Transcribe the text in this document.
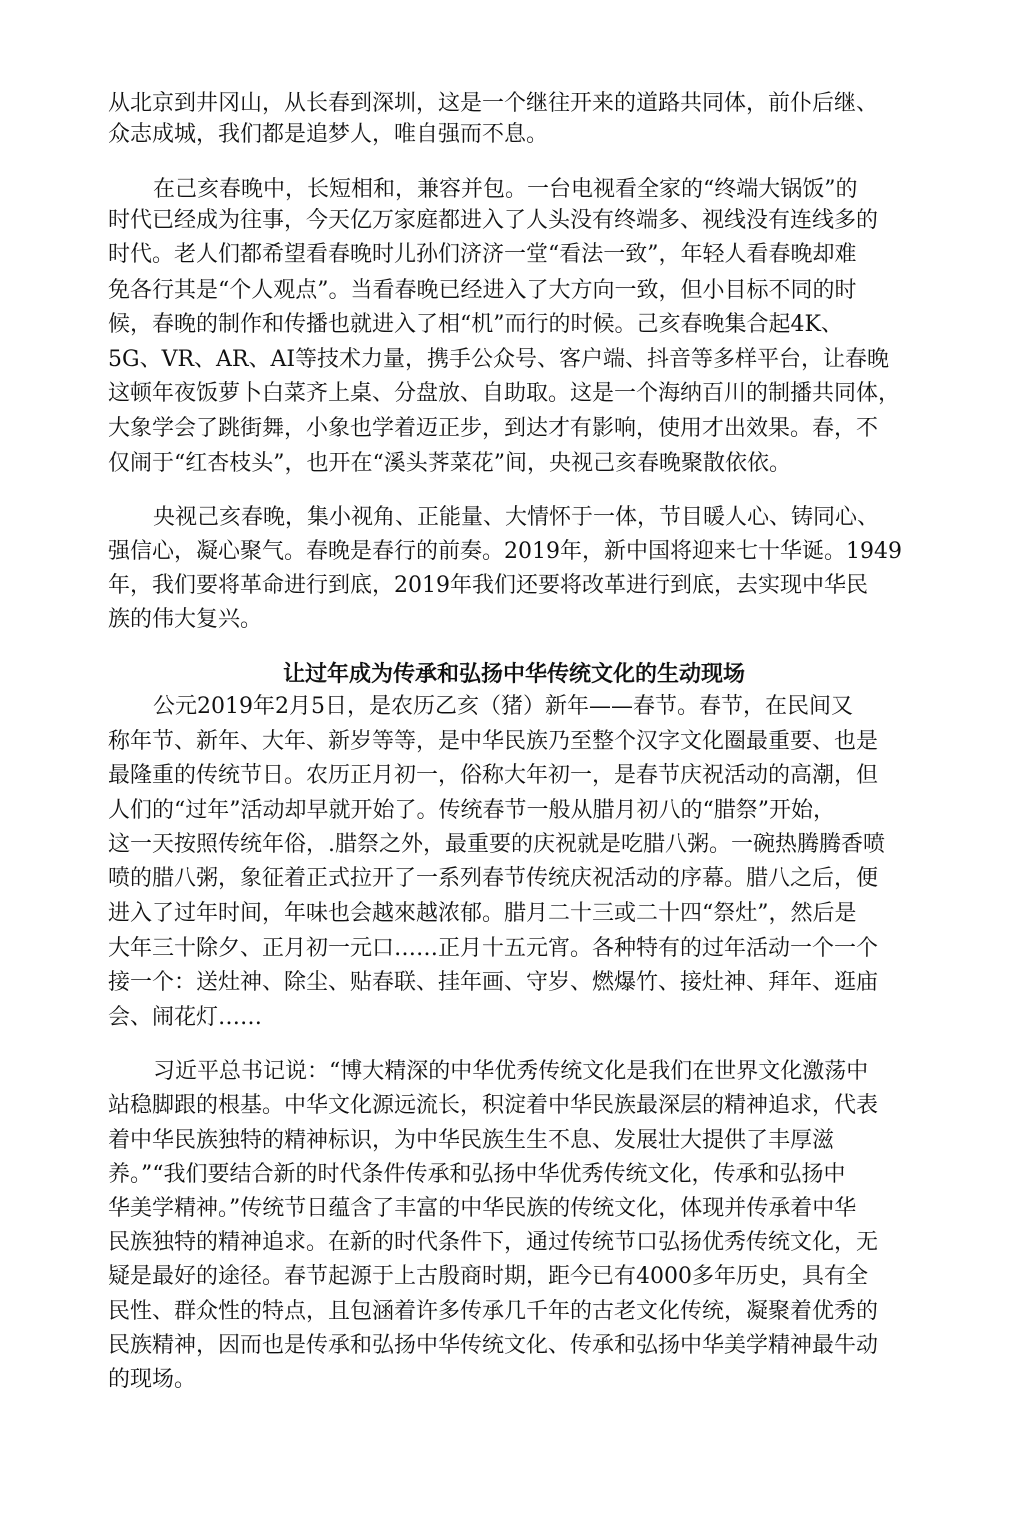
从北京到井冈山，从长春到深圳，这是一个继往开来的道路共同体，前仆后继、
众志成城，我们都是追梦人，唯自强而不息。
在己亥春晚中，长短相和，兼容并包。一台电视看全家的“终端大锅饭”的
时代已经成为往事，今天亿万家庭都进入了人头没有终端多、视线没有连线多的
时代。老人们都希望看春晚时儿孙们济济一堂“看法一致”，年轻人看春晚却难
免各行其是“个人观点”。当看春晚已经进入了大方向一致，但小目标不同的时
候，春晚的制作和传播也就进入了相“机”而行的时候。己亥春晚集合起4K、
5G、VR、AR、AI等技术力量，携手公众号、客户端、抖音等多样平台，让春晚
这顿年夜饭萝卜白菜齐上桌、分盘放、自助取。这是一个海纳百川的制播共同体，
大象学会了跳街舞，小象也学着迈正步，到达才有影响，使用才出效果。春，不
仅闹于“红杏枝头”，也开在“溪头荠菜花”间，央视己亥春晚聚散依依。
央视己亥春晚，集小视角、正能量、大情怀于一体，节目暖人心、铸同心、
强信心，凝心聚气。春晚是春行的前奏。2019年，新中国将迎来七十华诞。1949
年，我们要将革命进行到底，2019年我们还要将改革进行到底，去实现中华民
族的伟大复兴。
让过年成为传承和弘扬中华传统文化的生动现场
公元2019年2月5日，是农历乙亥（猪）新年——春节。春节，在民间又
称年节、新年、大年、新岁等等，是中华民族乃至整个汉字文化圈最重要、也是
最隆重的传统节日。农历正月初一，俗称大年初一，是春节庆祝活动的高潮，但
人们的“过年”活动却早就开始了。传统春节一般从腊月初八的“腊祭”开始，
这一天按照传统年俗，.腊祭之外，最重要的庆祝就是吃腊八粥。一碗热腾腾香喷
喷的腊八粥，象征着正式拉开了一系列春节传统庆祝活动的序幕。腊八之后，便
进入了过年时间，年味也会越來越浓郁。腊月二十三或二十四“祭灶”，然后是
大年三十除夕、正月初一元口……正月十五元宵。各种特有的过年活动一个一个
接一个：送灶神、除尘、贴春联、挂年画、守岁、燃爆竹、接灶神、拜年、逛庙
会、闹花灯……
习近平总书记说：“博大精深的中华优秀传统文化是我们在世界文化激荡中
站稳脚跟的根基。中华文化源远流长，积淀着中华民族最深层的精神追求，代表
着中华民族独特的精神标识，为中华民族生生不息、发展壮大提供了丰厚滋
养。”“我们要结合新的时代条件传承和弘扬中华优秀传统文化，传承和弘扬中
华美学精神。”传统节日蕴含了丰富的中华民族的传统文化，体现并传承着中华
民族独特的精神追求。在新的时代条件下，通过传统节口弘扬优秀传统文化，无
疑是最好的途径。春节起源于上古殷商时期，距今已有4000多年历史，具有全
民性、群众性的特点，且包涵着许多传承几千年的古老文化传统，凝聚着优秀的
民族精神，因而也是传承和弘扬中华传统文化、传承和弘扬中华美学精神最牛动
的现场。
